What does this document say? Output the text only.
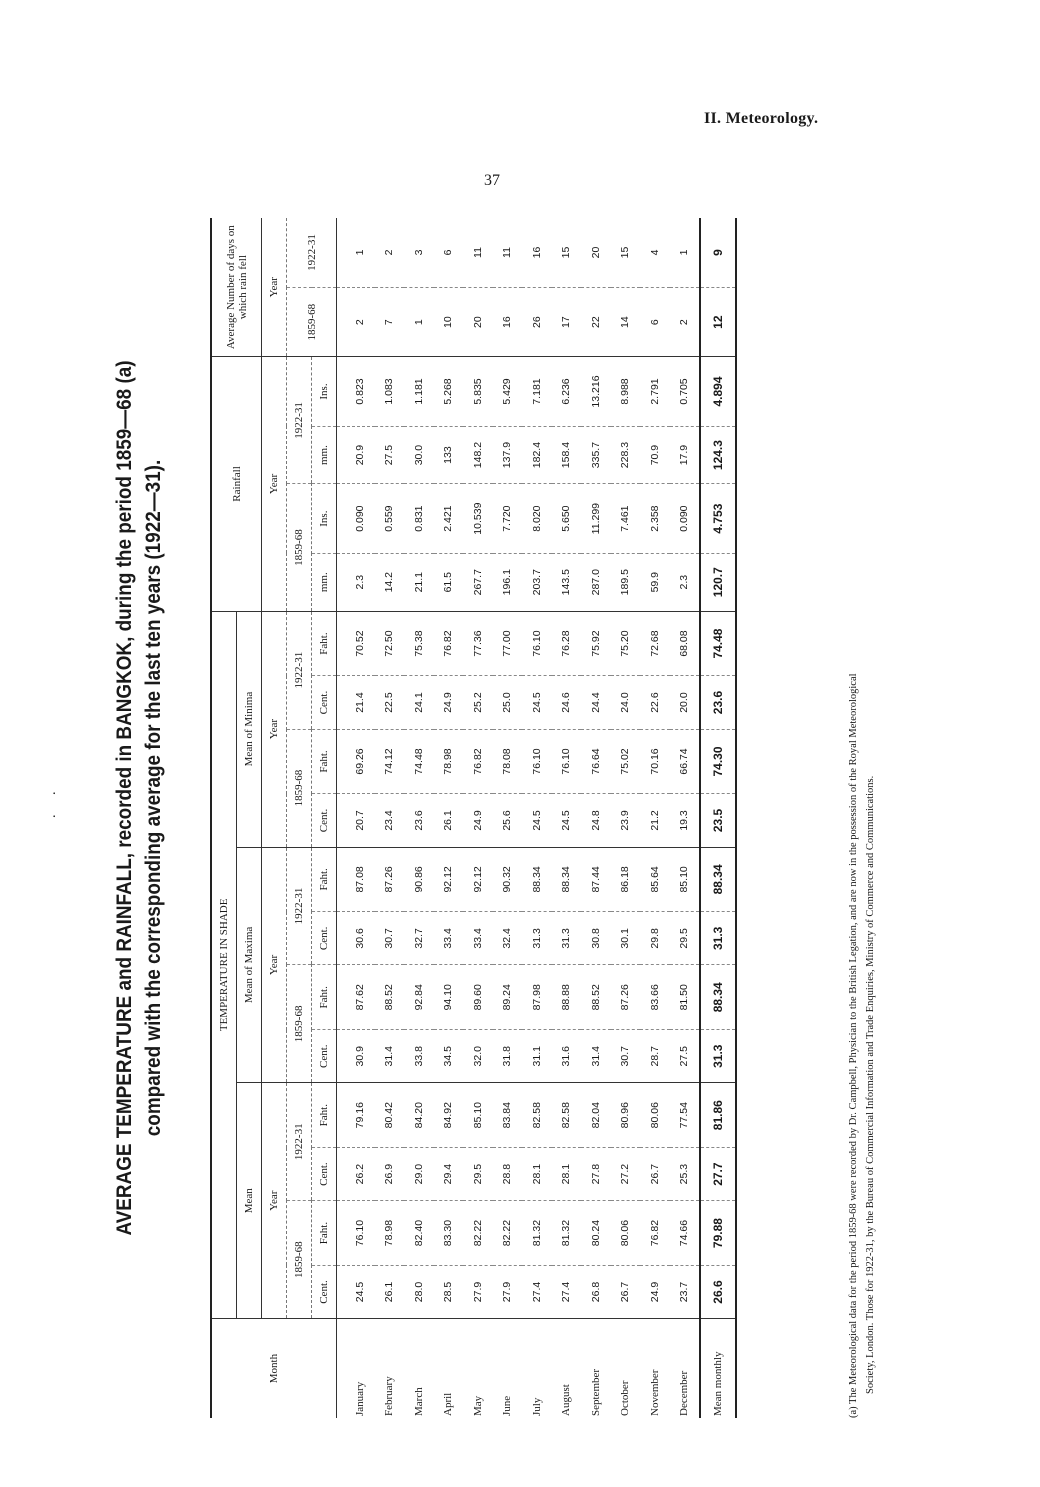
II. Meteorology.
37
. .	AVERAGE TEMPERATURE and RAINFALL, recorded in BANGKOK, during the period 1859—68 (a) compared with the corresponding average for the last ten years (1922—31).
Month	TEMPERATURE IN SHADE												Rainfall				Average Number of days on which rain fell	
	Mean				Mean of Maxima				Mean of Minima									
	Year				Year				Year				Year				Year	
	1859-68		1922-31		1859-68		1922-31		1859-68		1922-31		1859-68		1922-31		1859-68	1922-31
	Cent.	Faht.	Cent.	Faht.	Cent.	Faht.	Cent.	Faht.	Cent.	Faht.	Cent.	Faht.	mm.	Ins.	mm.	Ins.		
January	24.5	76.10	26.2	79.16	30.9	87.62	30.6	87.08	20.7	69.26	21.4	70.52	2.3	0.090	20.9	0.823	2	1
February	26.1	78.98	26.9	80.42	31.4	88.52	30.7	87.26	23.4	74.12	22.5	72.50	14.2	0.559	27.5	1.083	7	2
March	28.0	82.40	29.0	84.20	33.8	92.84	32.7	90.86	23.6	74.48	24.1	75.38	21.1	0.831	30.0	1.181	1	3
April	28.5	83.30	29.4	84.92	34.5	94.10	33.4	92.12	26.1	78.98	24.9	76.82	61.5	2.421	133	5.268	10	6
May	27.9	82.22	29.5	85.10	32.0	89.60	33.4	92.12	24.9	76.82	25.2	77.36	267.7	10.539	148.2	5.835	20	11
June	27.9	82.22	28.8	83.84	31.8	89.24	32.4	90.32	25.6	78.08	25.0	77.00	196.1	7.720	137.9	5.429	16	11
July	27.4	81.32	28.1	82.58	31.1	87.98	31.3	88.34	24.5	76.10	24.5	76.10	203.7	8.020	182.4	7.181	26	16
August	27.4	81.32	28.1	82.58	31.6	88.88	31.3	88.34	24.5	76.10	24.6	76.28	143.5	5.650	158.4	6.236	17	15
September	26.8	80.24	27.8	82.04	31.4	88.52	30.8	87.44	24.8	76.64	24.4	75.92	287.0	11.299	335.7	13.216	22	20
October	26.7	80.06	27.2	80.96	30.7	87.26	30.1	86.18	23.9	75.02	24.0	75.20	189.5	7.461	228.3	8.988	14	15
November	24.9	76.82	26.7	80.06	28.7	83.66	29.8	85.64	21.2	70.16	22.6	72.68	59.9	2.358	70.9	2.791	6	4
December	23.7	74.66	25.3	77.54	27.5	81.50	29.5	85.10	19.3	66.74	20.0	68.08	2.3	0.090	17.9	0.705	2	1
Mean monthly	26.6	79.88	27.7	81.86	31.3	88.34	31.3	88.34	23.5	74.30	23.6	74.48	120.7	4.753	124.3	4.894	12	9
(a) The Meteorological data for the period 1859-68 were recorded by Dr. Campbell, Physician to the British Legation, and are now in the possession of the Royal Meteorological Society, London. Those for 1922-31, by the Bureau of Commercial Information and Trade Enquiries, Ministry of Commerce and Communications.
